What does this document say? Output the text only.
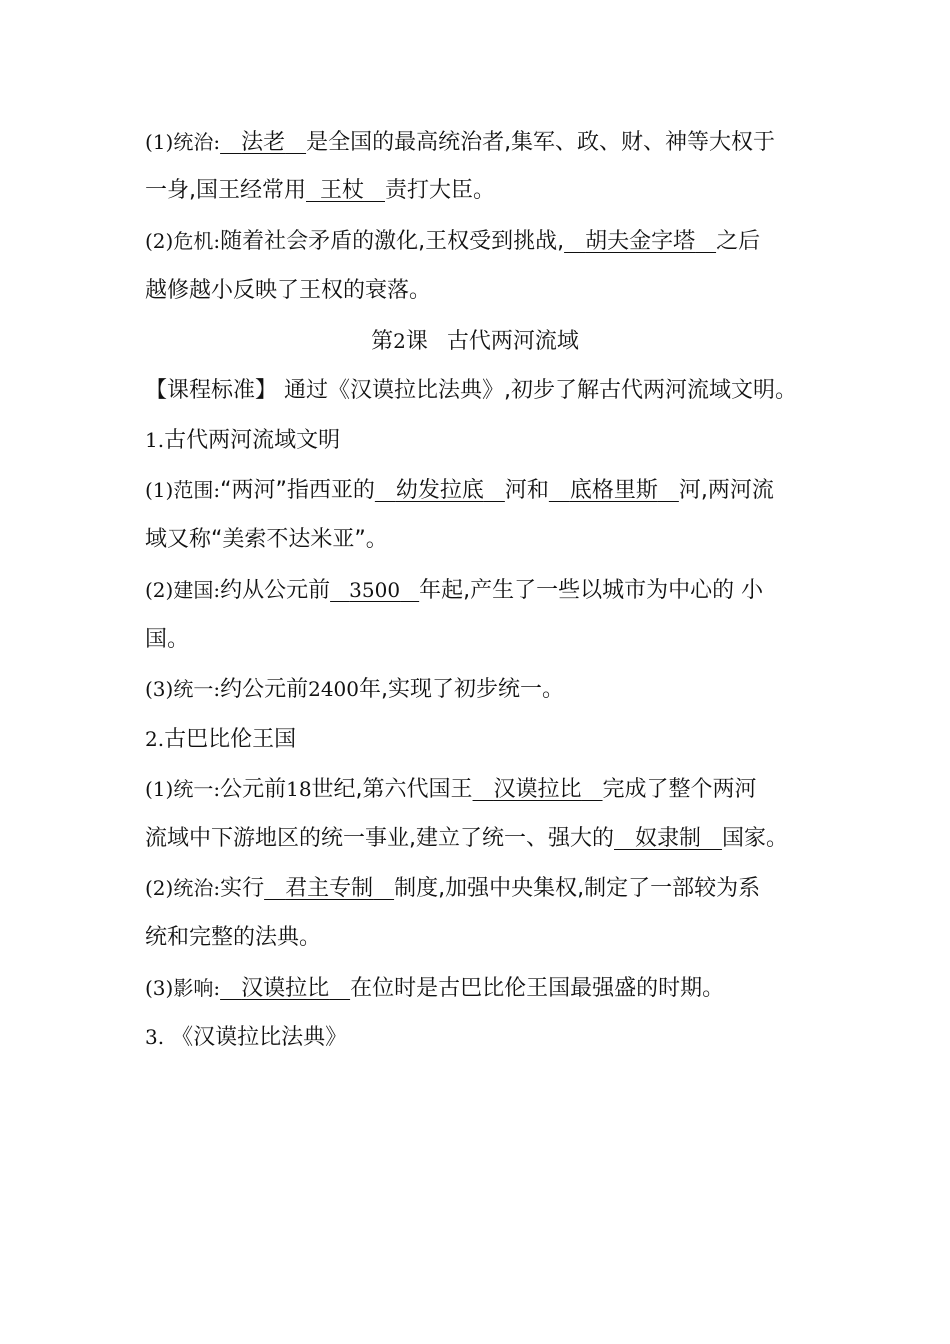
(1)统治: 法老 是全国的最高统治者,集军、政、财、神等大权于
一身,国王经常用 王杖 责打大臣。
(2)危机:随着社会矛盾的激化,王权受到挑战, 胡夫金字塔 之后
越修越小反映了王权的衰落。
第2课 古代两河流域
【课程标准】 通过《汉谟拉比法典》,初步了解古代两河流域文明。
1.古代两河流域文明
(1)范围:“两河”指西亚的 幼发拉底 河和 底格里斯 河,两河流
域又称“美索不达米亚”。
(2)建国:约从公元前 3500 年起,产生了一些以城市为中心的 小
国。
(3)统一:约公元前2400年,实现了初步统一。
2.古巴比伦王国
(1)统一:公元前18世纪,第六代国王 汉谟拉比 完成了整个两河
流域中下游地区的统一事业,建立了统一、强大的 奴隶制 国家。
(2)统治:实行 君主专制 制度,加强中央集权,制定了一部较为系
统和完整的法典。
(3)影响: 汉谟拉比 在位时是古巴比伦王国最强盛的时期。
3. 《汉谟拉比法典》
